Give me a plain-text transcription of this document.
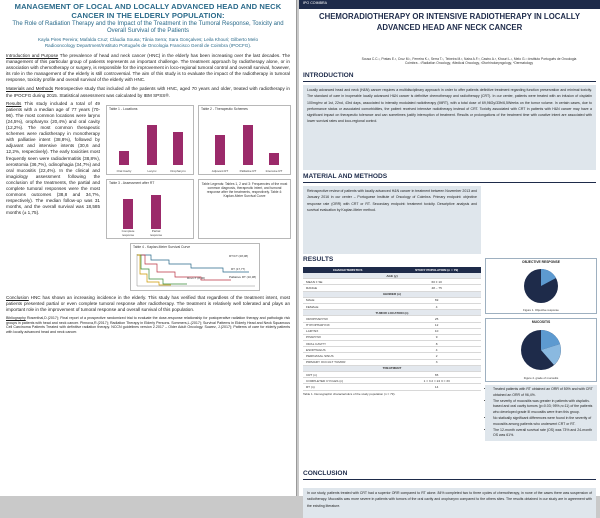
MANAGEMENT OF LOCAL AND LOCALLY ADVANCED HEAD AND NECK CANCER IN THE ELDERLY POPULATION:
The Role of Radiation Therapy and the Impact of the Treatment in the Tumoral Response, Toxicity and Overall Survival of the Patients
Kayla Pires Pereira; Mafalda Cruz; Cláudia Sousa; Tânia Serra; Sara Gonçalves; Leila Khouri; Gilberto Melo
Radiooncology Department/Instituto Português de Oncologia Francisco Gentil de Coimbra (IPOCFG).

Introduction and Purpose The prevalence of head and neck cancer (HNC) in the elderly has been increasing over the last decades. The management of this particular group of patients represents an important challenge. The treatment approach by radiotherapy alone, or in association with chemotherapy or surgery, is responsible for the improvement in loco-regional tumoral control and overall survival, however, its role in the management of the elderly is still controversial. The aim of this study is to evaluate the impact of the radiotherapy in tumoral response, toxicity profile and overall survival of the elderly with HNC.

Materials and Methods Retrospective study that included all the patients with HNC, aged 70 years and older, treated with radiotherapy in the IPOCFG during 2015. Statistical assessment was calculated by IBM SPSS®.

Results This study included a total of 49 patients with a median age of 77 years (70-96). The most common locations were larynx (24,5%), oropharynx (20,4%) and oral cavity (12,2%). The most common therapeutic schemes were radiotherapy in monotherapy with palliative intent (38,8%), followed by adjuvant and intensive intents (30,6 and 12,2%, respectively). The early toxicities most frequently seen were radiodermatitis (38,8%), xerostomia (36,7%), odinophagia (34,7%) and oral mucositis (22,4%). In the clinical and imagiology assessment following the conclusion of the treatments, the partial and complete tumoral responses were the most commons outcomes (38,8 and 34,7%, respectively). The median follow-up was 31 months, and the overall survival was 18,585 months (± 1,75).

Table 1 - Locations
Oral Cavity	Larynx	Oropharynx
Table 2 - Therapeutic Schemes
Adjuvant RT	Palliative RT	Intensive RT
Table 3 - Assessment after RT
Complete response
Partial response
Table Legends: Tables 1, 2 and 3: Frequencies of the most common diagnosis, therapeutic intent, and tumoral response after the treatments, respectively. Table 4: Kaplan-Meier Survival Curve
Table 4 - Kaplan-Meier Survival Curve
RT/CT (28,08)
RT (17,77)
Palliative RT (10,38)
Rx+CT (8,00)

Conclusion HNC has shown an increasing incidence in the elderly. This study has verified that regardless of the treatment intent, most patients presented partial or even complete tumoral response after radiotherapy. The treatment is relatively well tolerated and plays an important role in the improvement of tumoral response and overall survival of this population.

Bibliography Rosenthal,D.(2017); Final report of a prospective randomized trial to evaluate the dose-response relationship for postoperative radiation therapy and pathologic risk groups in patients with head and neck cancer. Pinnova,R.(2017); Radiation Therapy in Elderly Persons. Sommers,L.(2017); Survival Patterns in Elderly Head and Neck Squamous Cell Carcinoma Patients Treated with definitive radiation therapy. NCCN guidelines version 2.2017 – Older Adult Oncology. Suarez, J.(2017); Patterns of care for elderly patients with locally advanced head and neck cancer.

IPO COIMBRA
CHEMORADIOTHERAPY OR INTENSIVE RADIOTHERAPY IN LOCALLY ADVANCED HEAD ANF NECK CANCER
Sousa C.C.¹, Pratas E.², Cruz M.¹, Ferreira K.¹, Serra T.¹, Teixeira M.², Naira A.F.³, Castro A.³, Khouri L.¹, Melo G.¹ ¹Instituto Português de Oncologia Coimbra - ¹Radiation Oncology, ²Medical Oncology, ³Otorhinolaryngology, ⁴Dermatology
INTRODUCTION
Locally advanced head and neck (H&N) cancer requires a multidisciplinary approach in order to offer patients definitive treatment regarding function preservation and minimal toxicity. The standard of care in inoperable locally advanced H&N cancer is definitive chemotherapy and radiotherapy (CRT). In our center, patients were treated with an infusion of cisplatin 100mg/m² at 1st, 22nd, 43rd days, associated to intensity modulated radiotherapy (IMRT), with a total dose of 69,96Gy/33fr/6,5Weeks on the tumor volume. In certain cases, due to performance status or associated comorbidities, the patient received intensive radiotherapy instead of CRT. Toxicity associated with CRT in patients with H&N cancer may have a significant impact on therapeutic tolerance and can sometimes justify interruption of treatment. Results or prolongations of the treatment time with curative intent are associated with lower survival rates and loco-regional control.
MATERIAL AND METHODS
Retrospective review of patients with locally advanced H&N cancer in treatment between November 2013 and January 2016 in our center – Portuguese Institute of Oncology of Coimbra. Primary endpoint: objective response rate (ORR) with CRT or RT. Secondary endpoint: treatment toxicity. Descriptive analysis and survival evaluation by Kaplan-Meier method.
RESULTS
CHARACTERISTICS	STUDY POPULATION (n = 79)
AGE (y)	
MEAN ± SE	60 ± 10
RANGE	48 – 75
GENDER (n)	
MALE	69
FEMALE	4
TUMOR LOCATION (n)	
OROPHARYNX	25
HYPOPHARYNX	12
LARYNX	10
PHARYNX	9
ORAL CAVITY	8
ESOPHAGUS	4
PERINASAL SINUS	2
PRIMARY OCCULT TUMOR	3
TREATMENT	
CRT (n)	65
COMPLETED CYCLES (n)	1 = 3 2 = 24 3 = 33
RT (n)	14
Table 1. Demographic characteristics of the study population (n = 79).
OBJECTIVE RESPONSE
Figure 1. Objective response
MUCOSITIS
Figure 2. grade of mucositis
• Treated patients with RT obtained an ORR of 50% and with CRT obtained an ORR of 96,4%.
• The severity of mucositis was greater in patients with cisplatin-based and oral cavity tumors (p=0.03; 95%,n=11) of the patients who developed grade III mucositis were from this group.
• No statically significant differences were found in the severity of mucositis among patients who underwent CRT or RT.
• The 12-month overall survival rate (OS) was 73% and 24-month OS was 61%.
CONCLUSION
In our study, patients treated with CRT had a superior ORR compared to RT alone. 84% completed two to three cycles of chemotherapy, in none of the cases there was suspension of radiotherapy. Mucositis was more severe in patients with tumors of the oral cavity and oropharynx compared to the others sites. The results obtained in our study are in agreement with the existing literature.
